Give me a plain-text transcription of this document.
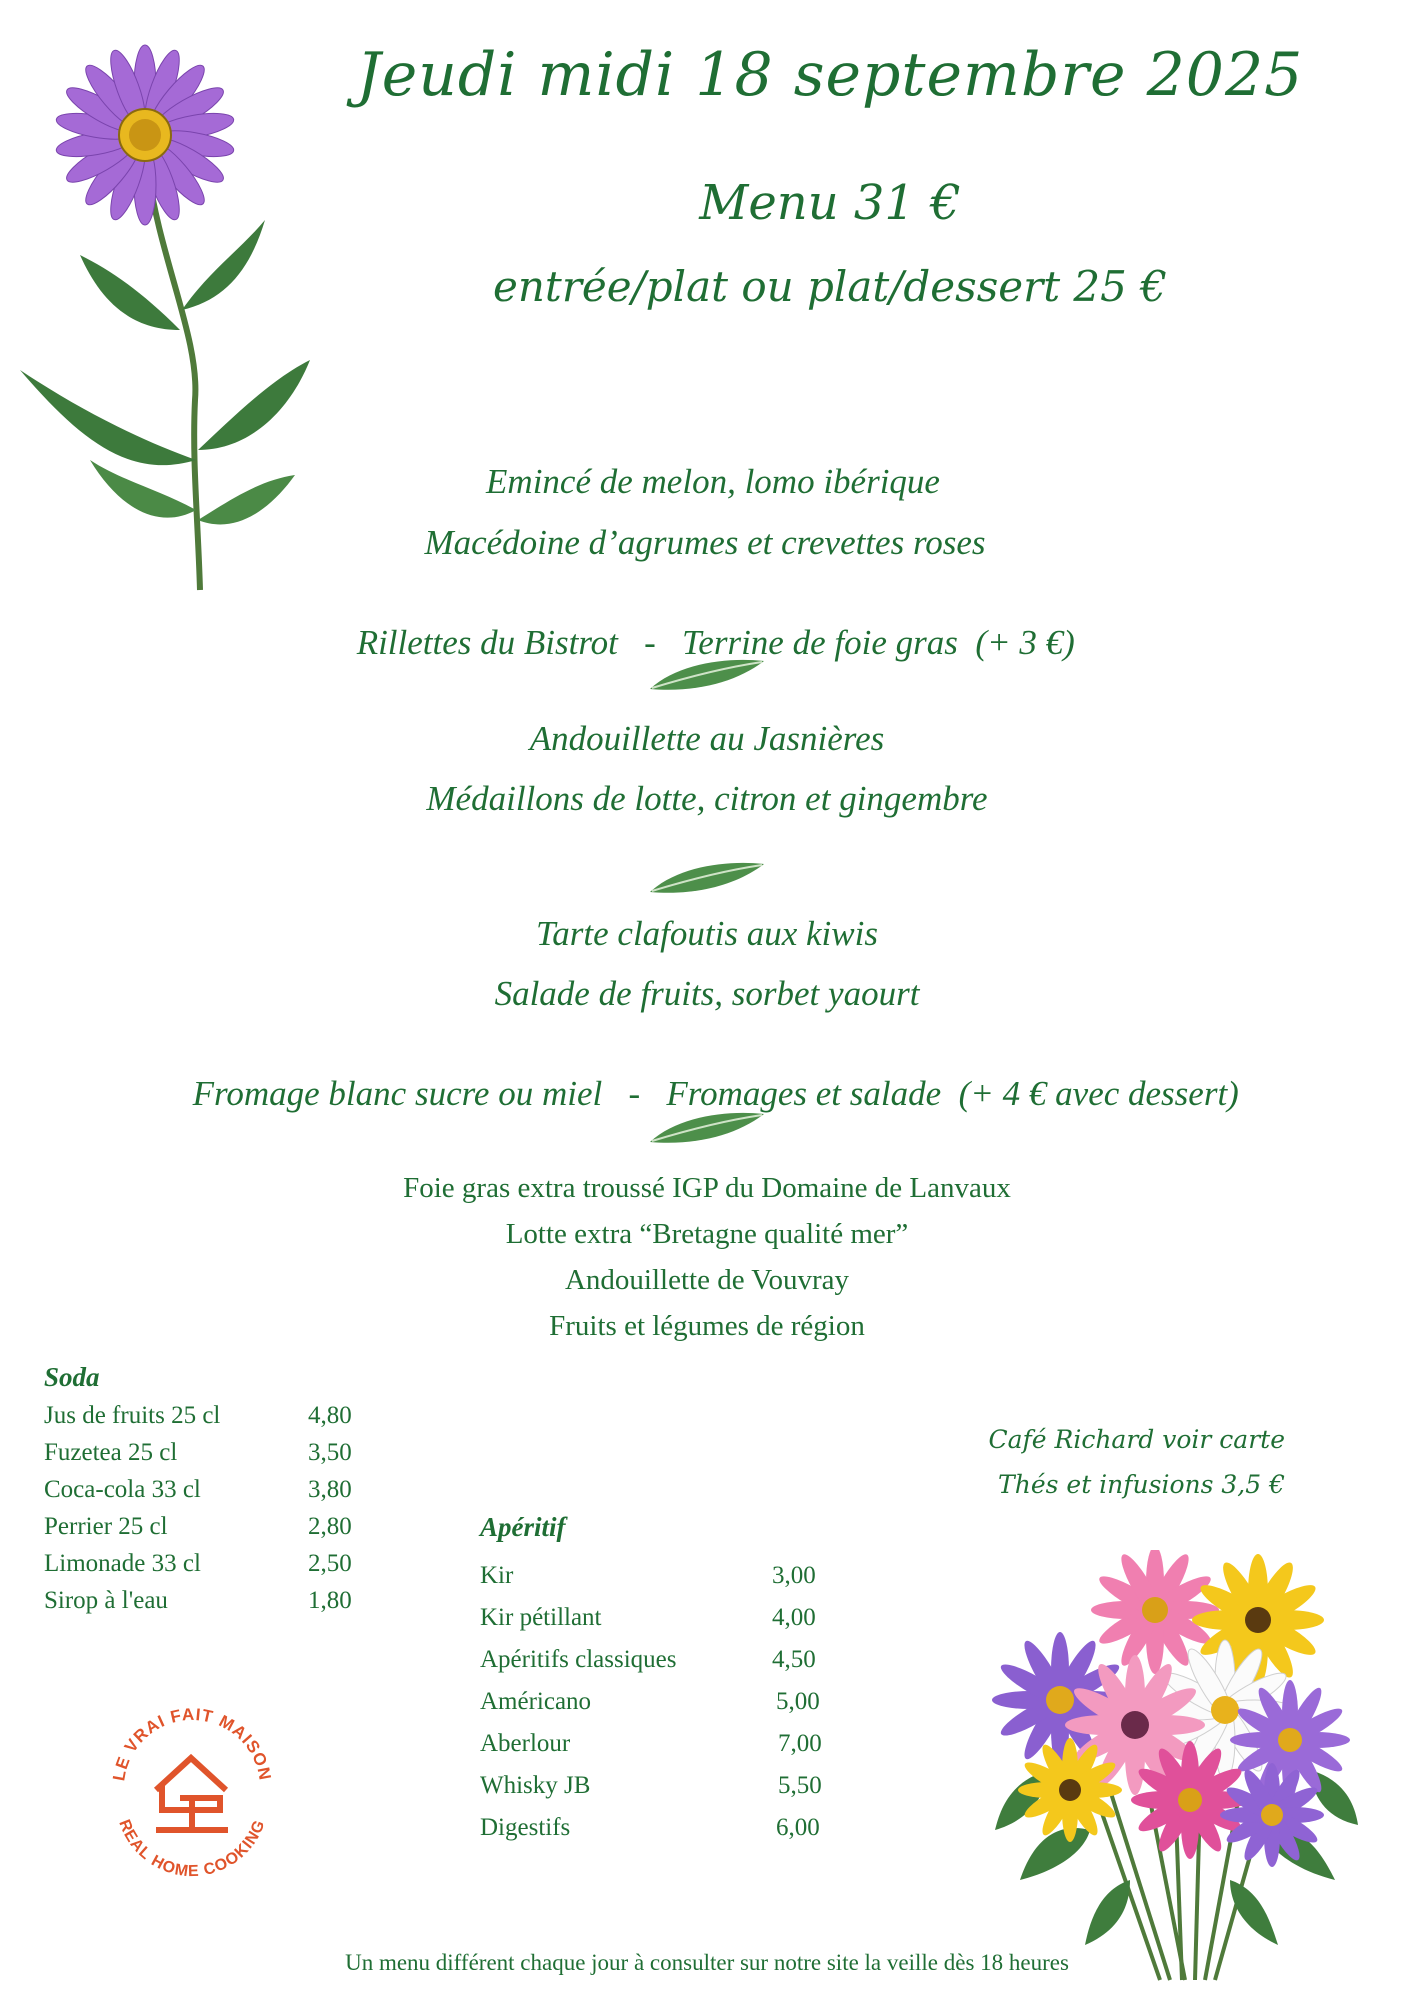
Jeudi midi 18 septembre 2025
Menu 31 €
entrée/plat ou plat/dessert 25 €
Emincé de melon, lomo ibérique
Macédoine d’agrumes et crevettes roses

Rillettes du Bistrot   -   Terrine de foie gras  (+ 3 €)

Andouillette au Jasnières
Médaillons de lotte, citron et gingembre
Tarte clafoutis aux kiwis
Salade de fruits, sorbet yaourt

Fromage blanc sucre ou miel   -   Fromages et salade  (+ 4 € avec dessert)

Foie gras extra troussé IGP du Domaine de Lanvaux
Lotte extra “Bretagne qualité mer”
Andouillette de Vouvray
Fruits et légumes de région
Soda
Jus de fruits 25 cl	4,80
Fuzetea 25 cl	3,50
Coca-cola 33 cl	3,80
Perrier 25 cl	2,80
Limonade 33 cl	2,50
Sirop à l'eau	1,80
Apéritif
Kir	3,00
Kir pétillant	4,00
Apéritifs classiques	4,50
Américano	5,00
Aberlour	7,00
Whisky JB	5,50
Digestifs	6,00
Café Richard voir carte
Thés et infusions 3,5 €
LE VRAI FAIT MAISON
REAL HOME COOKING
Un menu différent chaque jour à consulter sur notre site la veille dès 18 heures
